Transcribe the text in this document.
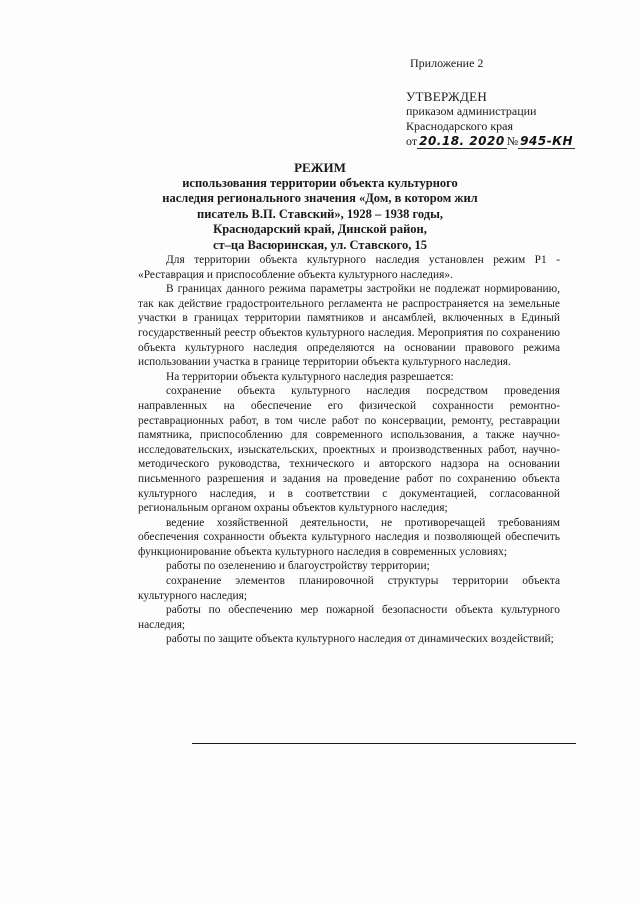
Приложение 2
УТВЕРЖДЕН
приказом администрации
Краснодарского края
от 20.18. 2020 № 945-КН
РЕЖИМ
использования территории объекта культурного
наследия регионального значения «Дом, в котором жил
писатель В.П. Ставский», 1928 – 1938 годы,
Краснодарский край, Динской район,
ст–ца Васюринская, ул. Ставского, 15

Для территории объекта культурного наследия установлен режим Р1 - «Реставрация и приспособление объекта культурного наследия».

В границах данного режима параметры застройки не подлежат нормированию, так как действие градостроительного регламента не распространяется на земельные участки в границах территории памятников и ансамблей, включенных в Единый государственный реестр объектов культурного наследия. Мероприятия по сохранению объекта культурного наследия определяются на основании правового режима использовании участка в границе территории объекта культурного наследия.

На территории объекта культурного наследия разрешается:

сохранение объекта культурного наследия посредством проведения направленных на обеспечение его физической сохранности ремонтно-реставрационных работ, в том числе работ по консервации, ремонту, реставрации памятника, приспособлению для современного использования, а также научно-исследовательских, изыскательских, проектных и производственных работ, научно-методического руководства, технического и авторского надзора на основании письменного разрешения и задания на проведение работ по сохранению объекта культурного наследия, и в соответствии с документацией, согласованной региональным органом охраны объектов культурного наследия;

ведение хозяйственной деятельности, не противоречащей требованиям обеспечения сохранности объекта культурного наследия и позволяющей обеспечить функционирование объекта культурного наследия в современных условиях;

работы по озеленению и благоустройству территории;

сохранение элементов планировочной структуры территории объекта культурного наследия;

работы по обеспечению мер пожарной безопасности объекта культурного наследия;

работы по защите объекта культурного наследия от динамических воздействий;
